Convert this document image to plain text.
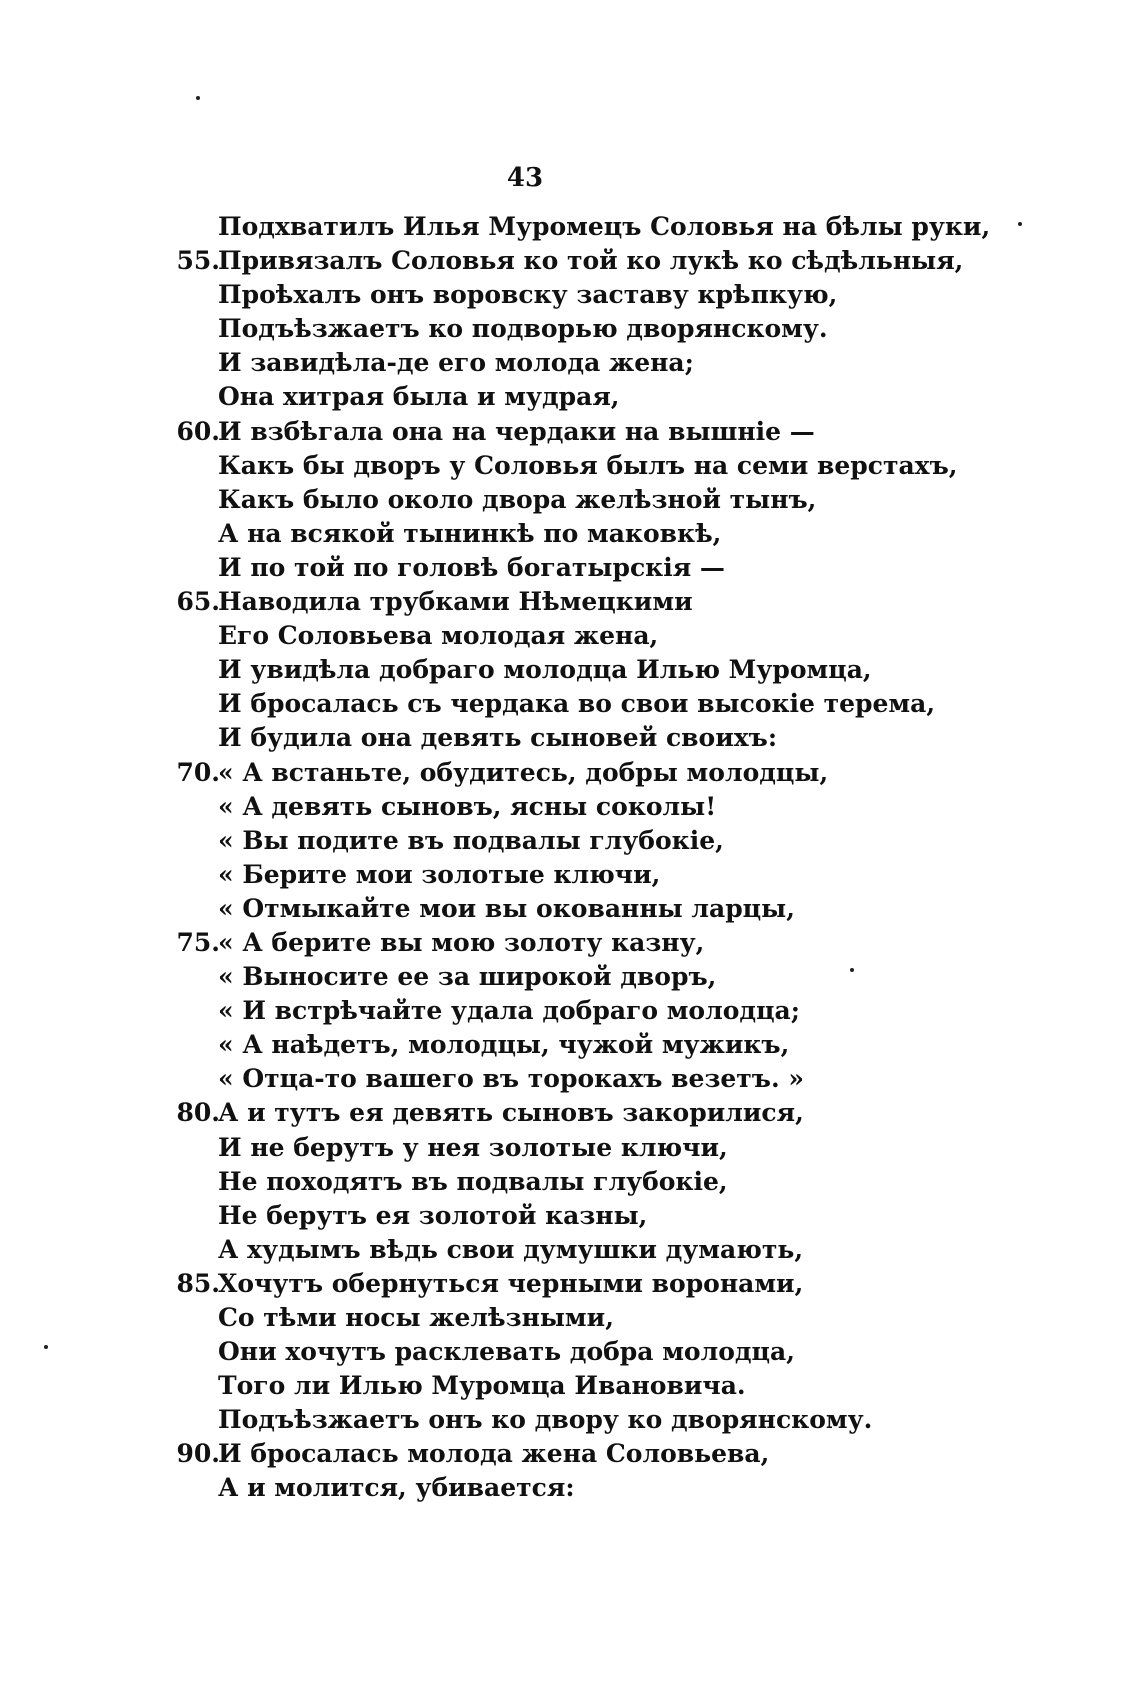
43
Подхватилъ Илья Муромецъ Соловья на бѣлы руки,
55.
Привязалъ Соловья ко той ко лукѣ ко сѣдѣльныя,
Проѣхалъ онъ воровску заставу крѣпкую,
Подъѣзжаетъ ко подворью дворянскому.
И завидѣла-де его молода жена;
Она хитрая была и мудрая,
60.
И взбѣгала она на чердаки на вышніе —
Какъ бы дворъ у Соловья былъ на семи верстахъ,
Какъ было около двора желѣзной тынъ,
А на всякой тынинкѣ по маковкѣ,
И по той по головѣ богатырскія —
65.
Наводила трубками Нѣмецкими
Его Соловьева молодая жена,
И увидѣла добраго молодца Илью Муромца,
И бросалась съ чердака во свои высокіе терема,
И будила она девять сыновей своихъ:
70.
« А встаньте, обудитесь, добры молодцы,
« А девять сыновъ, ясны соколы!
« Вы подите въ подвалы глубокіе,
« Берите мои золотые ключи,
« Отмыкайте мои вы окованны ларцы,
75.
« А берите вы мою золоту казну,
« Выносите ее за широкой дворъ,
« И встрѣчайте удала добраго молодца;
« А наѣдетъ, молодцы, чужой мужикъ,
« Отца-то вашего въ торокахъ везетъ. »
80.
А и тутъ ея девять сыновъ закорилися,
И не берутъ у нея золотые ключи,
Не походятъ въ подвалы глубокіе,
Не берутъ ея золотой казны,
А худымъ вѣдь свои думушки думають,
85.
Хочутъ обернуться черными воронами,
Со тѣми носы желѣзными,
Они хочутъ расклевать добра молодца,
Того ли Илью Муромца Ивановича.
Подъѣзжаетъ онъ ко двору ко дворянскому.
90.
И бросалась молода жена Соловьева,
А и молится, убивается:
